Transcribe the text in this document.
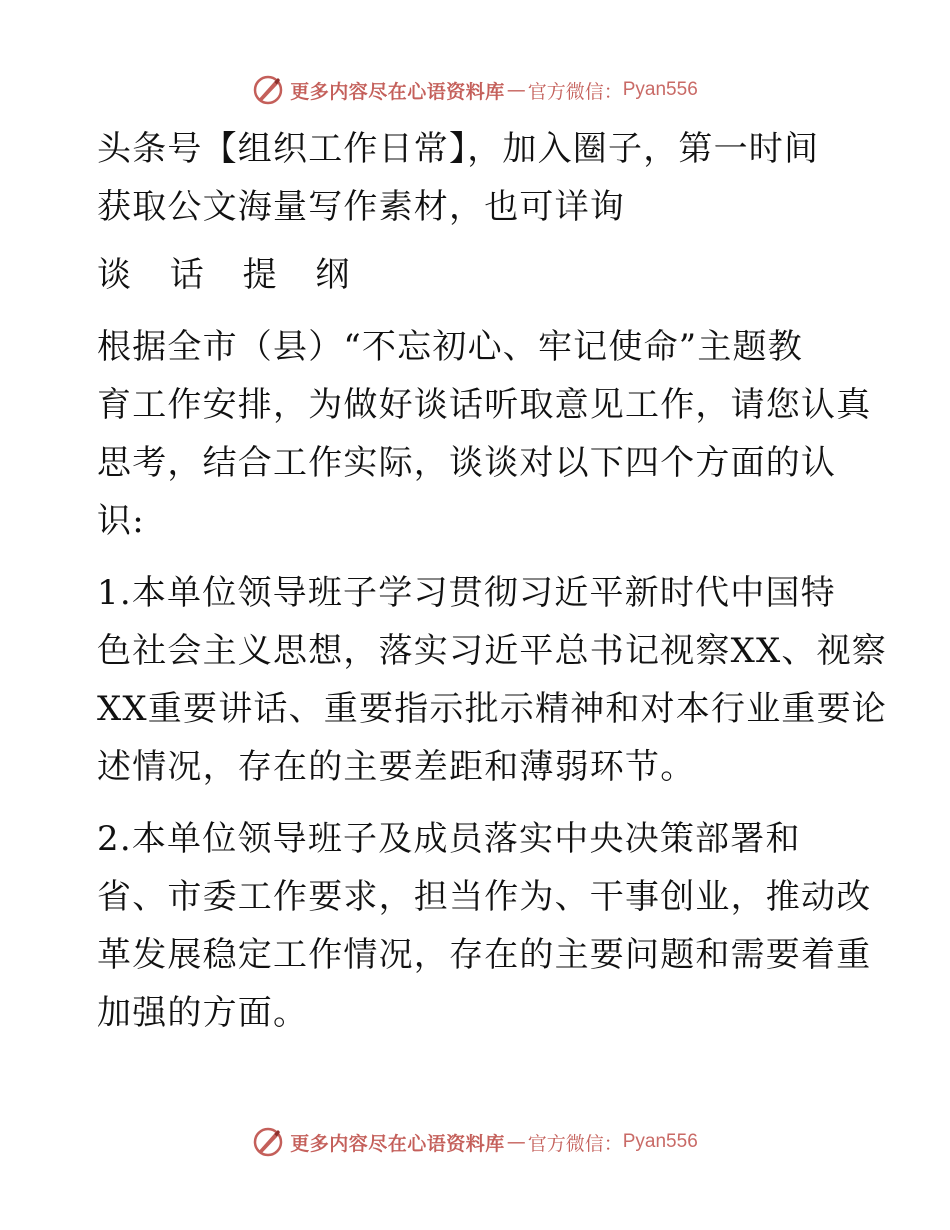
更多内容尽在心语资料库 — 官方微信： Pyan556

头条号【组织工作日常】，加入圈子，第一时间
获取公文海量写作素材，也可详询

谈 话 提 纲

根据全市（县）“不忘初心、牢记使命”主题教
育工作安排，为做好谈话听取意见工作，请您认真
思考，结合工作实际，谈谈对以下四个方面的认
识:

1.本单位领导班子学习贯彻习近平新时代中国特
色社会主义思想，落实习近平总书记视察XX、视察
XX重要讲话、重要指示批示精神和对本行业重要论
述情况，存在的主要差距和薄弱环节。

2.本单位领导班子及成员落实中央决策部署和
省、市委工作要求，担当作为、干事创业，推动改
革发展稳定工作情况，存在的主要问题和需要着重
加强的方面。

更多内容尽在心语资料库 — 官方微信： Pyan556
